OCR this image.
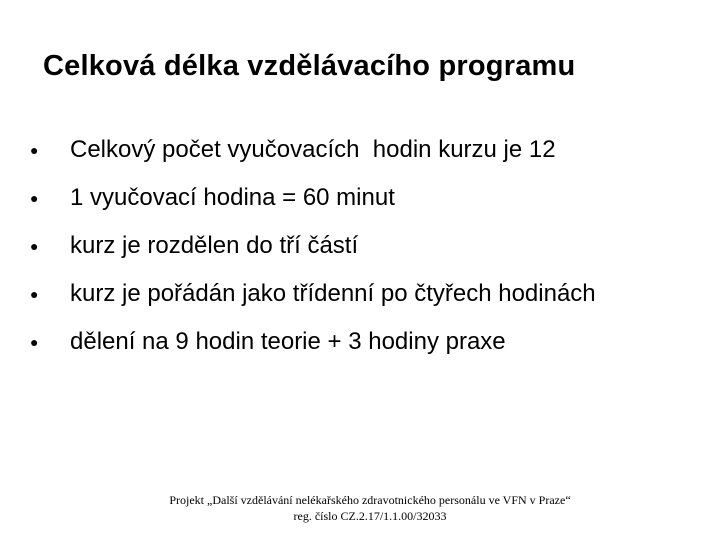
Celková délka vzdělávacího programu
●	Celkový počet vyučovacích  hodin kurzu je 12
●	1 vyučovací hodina = 60 minut
●	kurz je rozdělen do tří částí
●	kurz je pořádán jako třídenní po čtyřech hodinách
●	dělení na 9 hodin teorie + 3 hodiny praxe
Projekt „Další vzdělávání nelékařského zdravotnického personálu ve VFN v Praze“
reg. číslo CZ.2.17/1.1.00/32033
